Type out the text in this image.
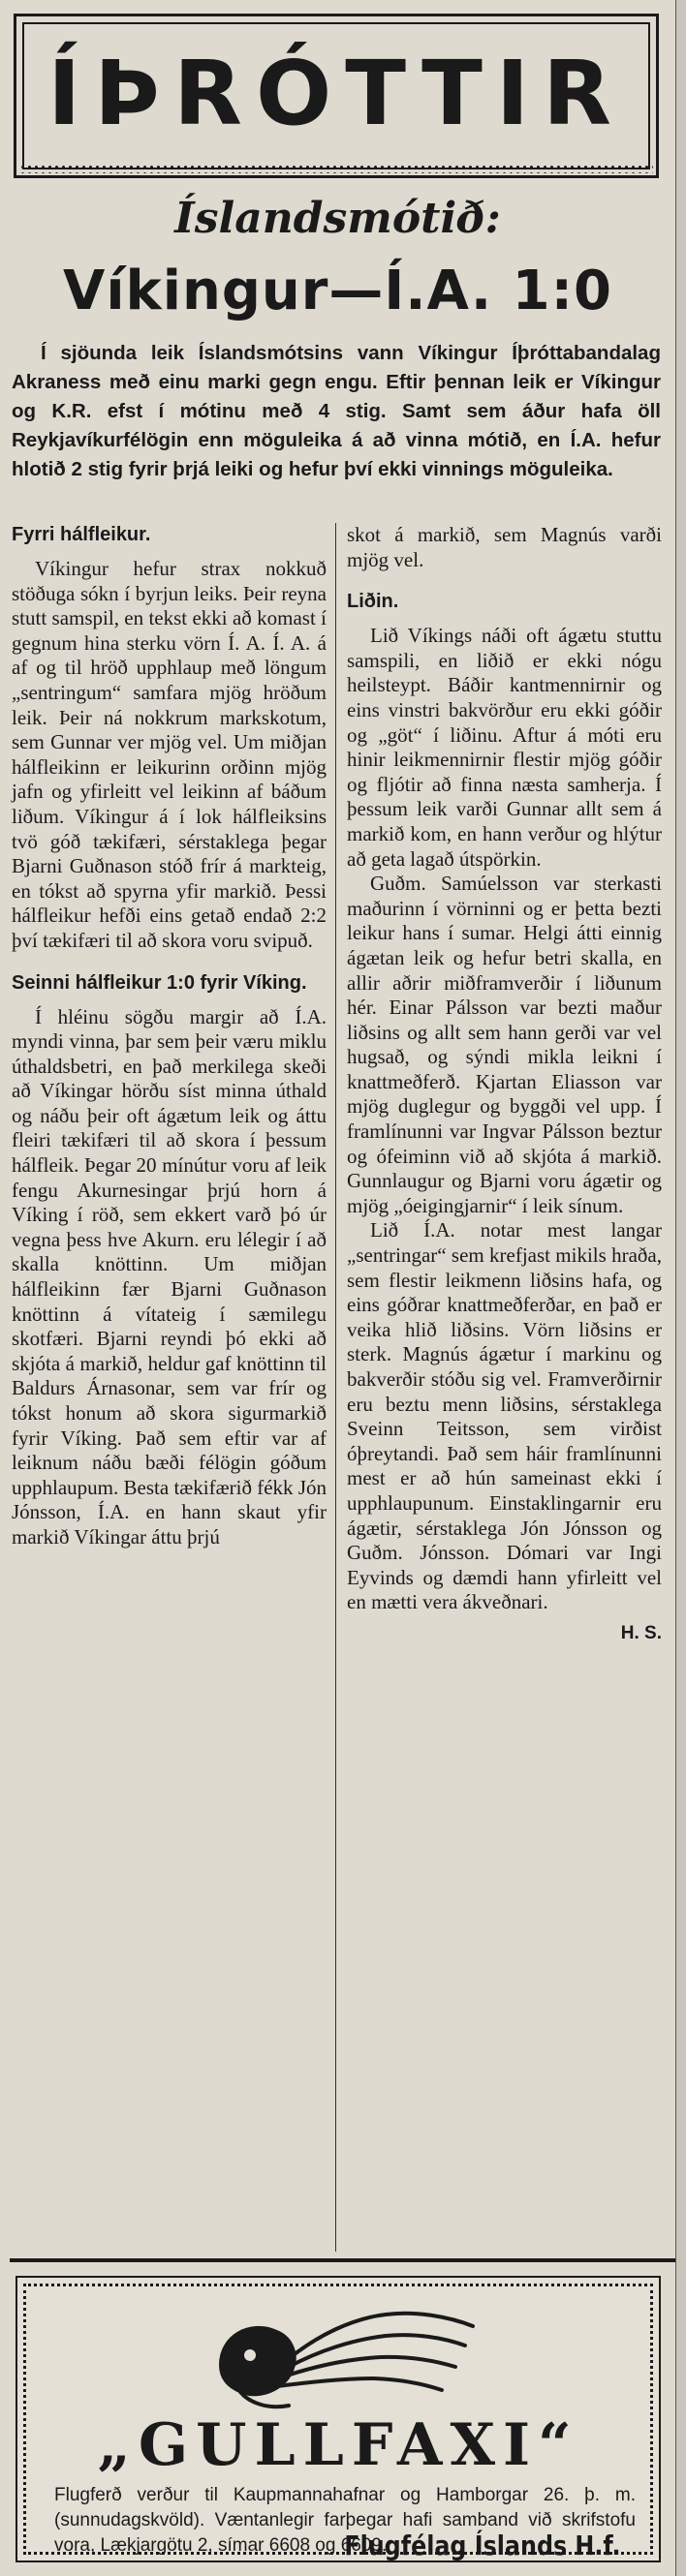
ÍÞRÓTTIR
Íslandsmótið:
Víkingur—Í.A. 1:0

Í sjöunda leik Íslandsmótsins vann Víkingur Íþróttabandalag Akraness með einu marki gegn engu. Eftir þennan leik er Víkingur og K.R. efst í mótinu með 4 stig. Samt sem áður hafa öll Reykjavíkurfélögin enn möguleika á að vinna mótið, en Í.A. hefur hlotið 2 stig fyrir þrjá leiki og hefur því ekki vinnings möguleika.

Fyrri hálfleikur.

Víkingur hefur strax nokkuð stöðuga sókn í byrjun leiks. Þeir reyna stutt samspil, en tekst ekki að komast í gegnum hina sterku vörn Í. A. Í. A. á af og til hröð upphlaup með löngum „sentringum“ samfara mjög hröðum leik. Þeir ná nokkrum markskotum, sem Gunnar ver mjög vel. Um miðjan hálfleikinn er leikurinn orðinn mjög jafn og yfirleitt vel leikinn af báðum liðum. Víkingur á í lok hálfleiksins tvö góð tækifæri, sérstaklega þegar Bjarni Guðnason stóð frír á markteig, en tókst að spyrna yfir markið. Þessi hálfleikur hefði eins getað endað 2:2 því tækifæri til að skora voru svipuð.

Seinni hálfleikur 1:0 fyrir Víking.

Í hléinu sögðu margir að Í.A. myndi vinna, þar sem þeir væru miklu úthaldsbetri, en það merkilega skeði að Víkingar hörðu síst minna úthald og náðu þeir oft ágætum leik og áttu fleiri tækifæri til að skora í þessum hálfleik. Þegar 20 mínútur voru af leik fengu Akurnesingar þrjú horn á Víking í röð, sem ekkert varð þó úr vegna þess hve Akurn. eru lélegir í að skalla knöttinn. Um miðjan hálfleikinn fær Bjarni Guðnason knöttinn á vítateig í sæmilegu skotfæri. Bjarni reyndi þó ekki að skjóta á markið, heldur gaf knöttinn til Baldurs Árnasonar, sem var frír og tókst honum að skora sigurmarkið fyrir Víking. Það sem eftir var af leiknum náðu bæði félögin góðum upphlaupum. Besta tækifærið fékk Jón Jónsson, Í.A. en hann skaut yfir markið Víkingar áttu þrjú

skot á markið, sem Magnús varði mjög vel.

Liðin.

Lið Víkings náði oft ágætu stuttu samspili, en liðið er ekki nógu heilsteypt. Báðir kantmennirnir og eins vinstri bakvörður eru ekki góðir og „göt“ í liðinu. Aftur á móti eru hinir leikmennirnir flestir mjög góðir og fljótir að finna næsta samherja. Í þessum leik varði Gunnar allt sem á markið kom, en hann verður og hlýtur að geta lagað útspörkin.

Guðm. Samúelsson var sterkasti maðurinn í vörninni og er þetta bezti leikur hans í sumar. Helgi átti einnig ágætan leik og hefur betri skalla, en allir aðrir miðframverðir í liðunum hér. Einar Pálsson var bezti maður liðsins og allt sem hann gerði var vel hugsað, og sýndi mikla leikni í knattmeðferð. Kjartan Eliasson var mjög duglegur og byggði vel upp. Í framlínunni var Ingvar Pálsson beztur og ófeiminn við að skjóta á markið. Gunnlaugur og Bjarni voru ágætir og mjög „óeigingjarnir“ í leik sínum.

Lið Í.A. notar mest langar „sentringar“ sem krefjast mikils hraða, sem flestir leikmenn liðsins hafa, og eins góðrar knattmeðferðar, en það er veika hlið liðsins. Vörn liðsins er sterk. Magnús ágætur í markinu og bakverðir stóðu sig vel. Framverðirnir eru beztu menn liðsins, sérstaklega Sveinn Teitsson, sem virðist óþreytandi. Það sem háir framlínunni mest er að hún sameinast ekki í upphlaupunum. Einstaklingarnir eru ágætir, sérstaklega Jón Jónsson og Guðm. Jónsson. Dómari var Ingi Eyvinds og dæmdi hann yfirleitt vel en mætti vera ákveðnari.

H. S.
„GULLFAXI“
Flugferð verður til Kaupmannahafnar og Hamborgar 26. þ. m. (sunnudagskvöld). Væntanlegir farþegar hafi samband við skrifstofu vora, Lækjargötu 2, símar 6608 og 6609.
Flugfélag Íslands H.f.
